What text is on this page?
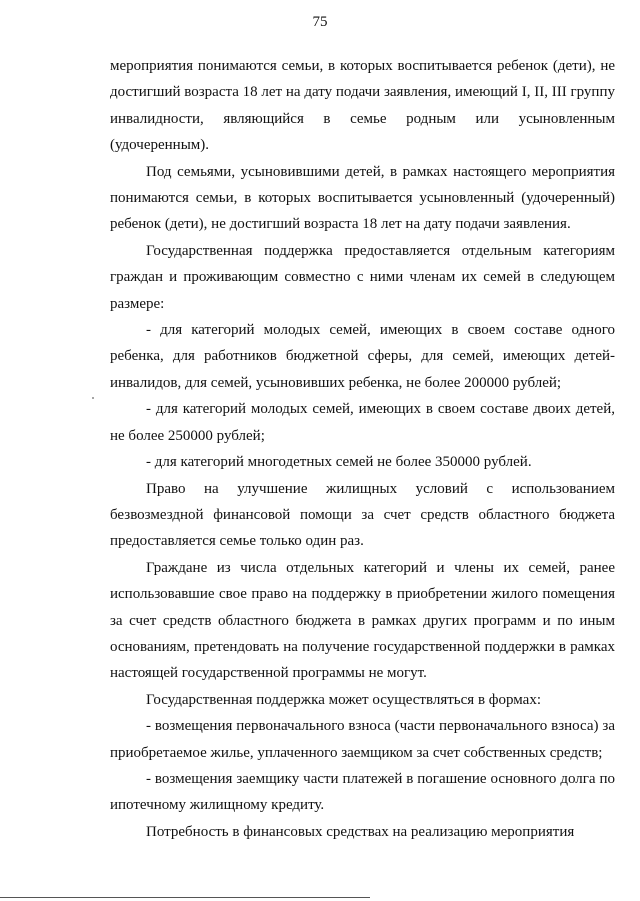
75

мероприятия понимаются семьи, в которых воспитывается ребенок (дети), не достигший возраста 18 лет на дату подачи заявления, имеющий I, II, III группу инвалидности, являющийся в семье родным или усыновленным (удочеренным).

Под семьями, усыновившими детей, в рамках настоящего мероприятия понимаются семьи, в которых воспитывается усыновленный (удочеренный) ребенок (дети), не достигший возраста 18 лет на дату подачи заявления.

Государственная поддержка предоставляется отдельным категориям граждан и проживающим совместно с ними членам их семей в следующем размере:

- для категорий молодых семей, имеющих в своем составе одного ребенка, для работников бюджетной сферы, для семей, имеющих детей-инвалидов, для семей, усыновивших ребенка, не более 200000 рублей;

- для категорий молодых семей, имеющих в своем составе двоих детей, не более 250000 рублей;

- для категорий многодетных семей не более 350000 рублей.

Право на улучшение жилищных условий с использованием безвозмездной финансовой помощи за счет средств областного бюджета предоставляется семье только один раз.

Граждане из числа отдельных категорий и члены их семей, ранее использовавшие свое право на поддержку в приобретении жилого помещения за счет средств областного бюджета в рамках других программ и по иным основаниям, претендовать на получение государственной поддержки в рамках настоящей государственной программы не могут.

Государственная поддержка может осуществляться в формах:

- возмещения первоначального взноса (части первоначального взноса) за приобретаемое жилье, уплаченного заемщиком за счет собственных средств;

- возмещения заемщику части платежей в погашение основного долга по ипотечному жилищному кредиту.

Потребность в финансовых средствах на реализацию мероприятия
